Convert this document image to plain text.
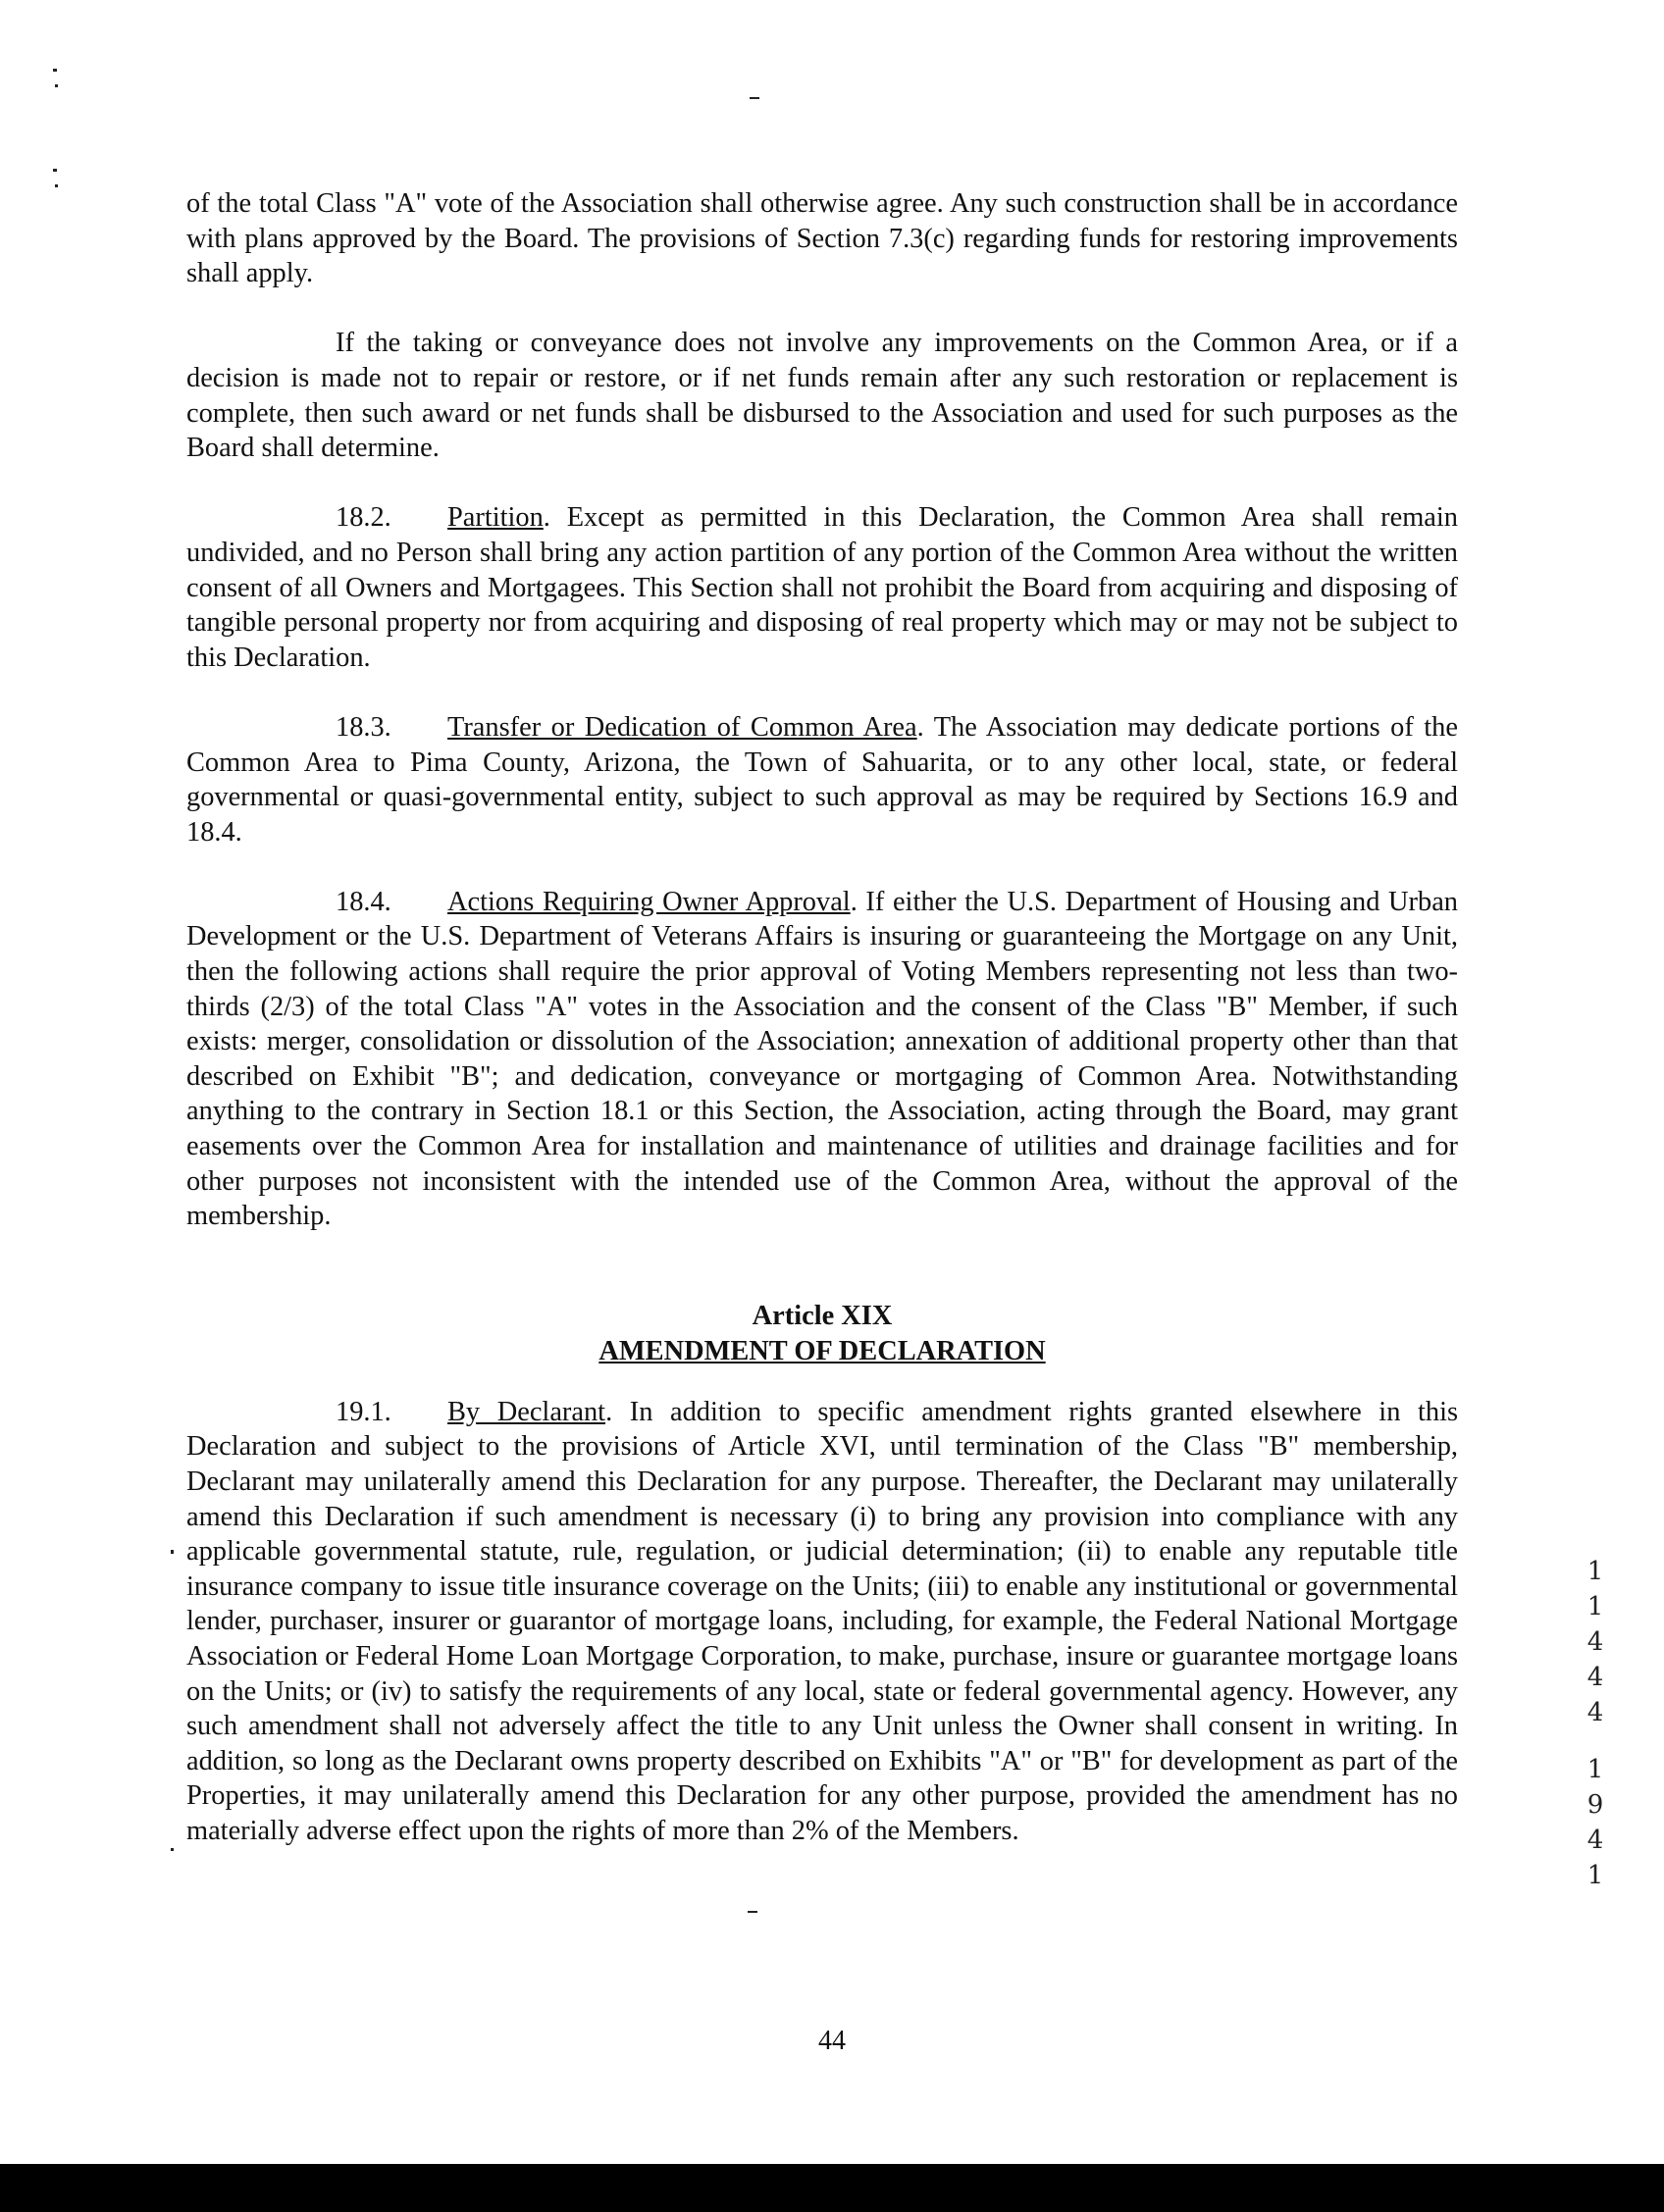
of the total Class "A" vote of the Association shall otherwise agree. Any such construction shall be in accordance with plans approved by the Board. The provisions of Section 7.3(c) regarding funds for restoring improvements shall apply.

If the taking or conveyance does not involve any improvements on the Common Area, or if a decision is made not to repair or restore, or if net funds remain after any such restoration or replacement is complete, then such award or net funds shall be disbursed to the Association and used for such purposes as the Board shall determine.

18.2. Partition. Except as permitted in this Declaration, the Common Area shall remain undivided, and no Person shall bring any action partition of any portion of the Common Area without the written consent of all Owners and Mortgagees. This Section shall not prohibit the Board from acquiring and disposing of tangible personal property nor from acquiring and disposing of real property which may or may not be subject to this Declaration.

18.3. Transfer or Dedication of Common Area. The Association may dedicate portions of the Common Area to Pima County, Arizona, the Town of Sahuarita, or to any other local, state, or federal governmental or quasi-governmental entity, subject to such approval as may be required by Sections 16.9 and 18.4.

18.4. Actions Requiring Owner Approval. If either the U.S. Department of Housing and Urban Development or the U.S. Department of Veterans Affairs is insuring or guaranteeing the Mortgage on any Unit, then the following actions shall require the prior approval of Voting Members representing not less than two-thirds (2/3) of the total Class "A" votes in the Association and the consent of the Class "B" Member, if such exists: merger, consolidation or dissolution of the Association; annexation of additional property other than that described on Exhibit "B"; and dedication, conveyance or mortgaging of Common Area. Notwithstanding anything to the contrary in Section 18.1 or this Section, the Association, acting through the Board, may grant easements over the Common Area for installation and maintenance of utilities and drainage facilities and for other purposes not inconsistent with the intended use of the Common Area, without the approval of the membership.

Article XIX
AMENDMENT OF DECLARATION

19.1. By Declarant. In addition to specific amendment rights granted elsewhere in this Declaration and subject to the provisions of Article XVI, until termination of the Class "B" membership, Declarant may unilaterally amend this Declaration for any purpose. Thereafter, the Declarant may unilaterally amend this Declaration if such amendment is necessary (i) to bring any provision into compliance with any applicable governmental statute, rule, regulation, or judicial determination; (ii) to enable any reputable title insurance company to issue title insurance coverage on the Units; (iii) to enable any institutional or governmental lender, purchaser, insurer or guarantor of mortgage loans, including, for example, the Federal National Mortgage Association or Federal Home Loan Mortgage Corporation, to make, purchase, insure or guarantee mortgage loans on the Units; or (iv) to satisfy the requirements of any local, state or federal governmental agency. However, any such amendment shall not adversely affect the title to any Unit unless the Owner shall consent in writing. In addition, so long as the Declarant owns property described on Exhibits "A" or "B" for development as part of the Properties, it may unilaterally amend this Declaration for any other purpose, provided the amendment has no materially adverse effect upon the rights of more than 2% of the Members.

1
1
4
4
4
1
9
4
1
44
